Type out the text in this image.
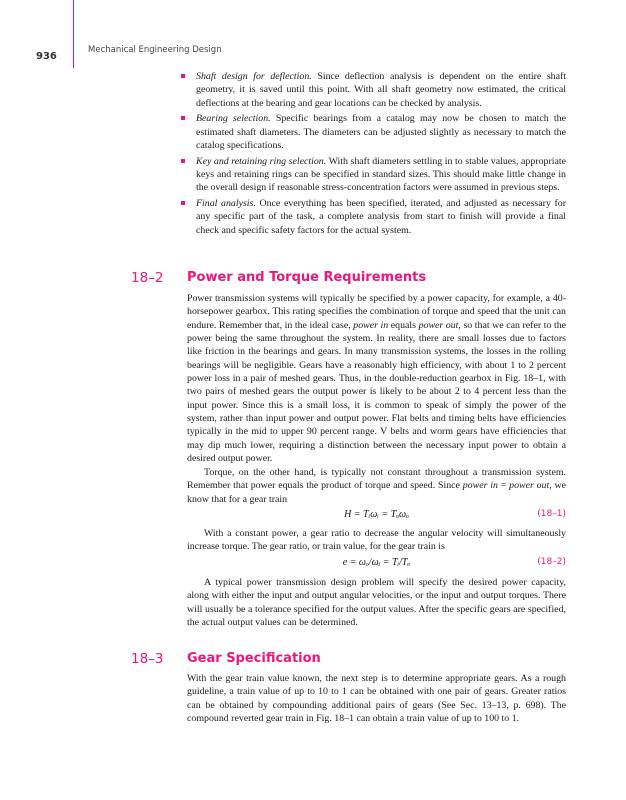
936
Mechanical Engineering Design
Shaft design for deflection. Since deflection analysis is dependent on the entire shaft geometry, it is saved until this point. With all shaft geometry now estimated, the critical deflections at the bearing and gear locations can be checked by analysis.
Bearing selection. Specific bearings from a catalog may now be chosen to match the estimated shaft diameters. The diameters can be adjusted slightly as necessary to match the catalog specifications.
Key and retaining ring selection. With shaft diameters settling in to stable values, appropriate keys and retaining rings can be specified in standard sizes. This should make little change in the overall design if reasonable stress-concentration factors were assumed in previous steps.
Final analysis. Once everything has been specified, iterated, and adjusted as necessary for any specific part of the task, a complete analysis from start to finish will provide a final check and specific safety factors for the actual system.
18–2 Power and Torque Requirements

Power transmission systems will typically be specified by a power capacity, for example, a 40-horsepower gearbox. This rating specifies the combination of torque and speed that the unit can endure. Remember that, in the ideal case, power in equals power out, so that we can refer to the power being the same throughout the system. In reality, there are small losses due to factors like friction in the bearings and gears. In many transmission systems, the losses in the rolling bearings will be negligible. Gears have a reasonably high efficiency, with about 1 to 2 percent power loss in a pair of meshed gears. Thus, in the double-reduction gearbox in Fig. 18–1, with two pairs of meshed gears the output power is likely to be about 2 to 4 percent less than the input power. Since this is a small loss, it is common to speak of simply the power of the system, rather than input power and output power. Flat belts and timing belts have efficiencies typically in the mid to upper 90 percent range. V belts and worm gears have efficiencies that may dip much lower, requiring a distinction between the necessary input power to obtain a desired output power.

Torque, on the other hand, is typically not constant throughout a transmission system. Remember that power equals the product of torque and speed. Since power in = power out, we know that for a gear train

H = Tᵢωᵢ = Tₒωₒ	(18–1)

With a constant power, a gear ratio to decrease the angular velocity will simultaneously increase torque. The gear ratio, or train value, for the gear train is

e = ωₒ/ωᵢ = Tᵢ/Tₒ	(18–2)

A typical power transmission design problem will specify the desired power capacity, along with either the input and output angular velocities, or the input and output torques. There will usually be a tolerance specified for the output values. After the specific gears are specified, the actual output values can be determined.

18–3 Gear Specification

With the gear train value known, the next step is to determine appropriate gears. As a rough guideline, a train value of up to 10 to 1 can be obtained with one pair of gears. Greater ratios can be obtained by compounding additional pairs of gears (See Sec. 13–13, p. 698). The compound reverted gear train in Fig. 18–1 can obtain a train value of up to 100 to 1.
